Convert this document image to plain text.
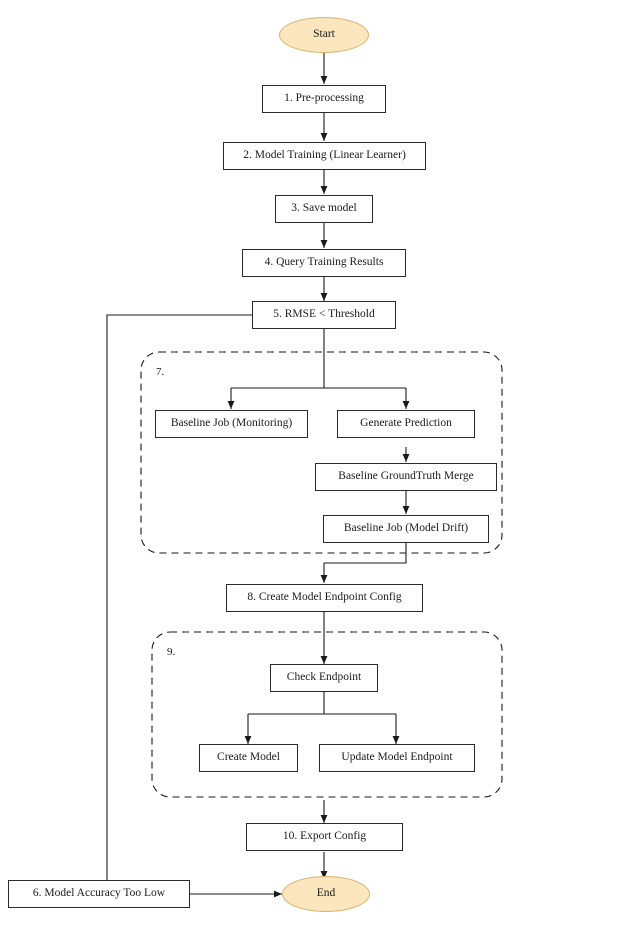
7.
9.
Start
1. Pre-processing
2. Model Training (Linear Learner)
3. Save model
4. Query Training Results
5. RMSE < Threshold
Baseline Job (Monitoring)	Generate Prediction
Baseline GroundTruth Merge
Baseline Job (Model Drift)
8. Create Model Endpoint Config
Check Endpoint
Create Model	Update Model Endpoint
10. Export Config
6. Model Accuracy Too Low	End
